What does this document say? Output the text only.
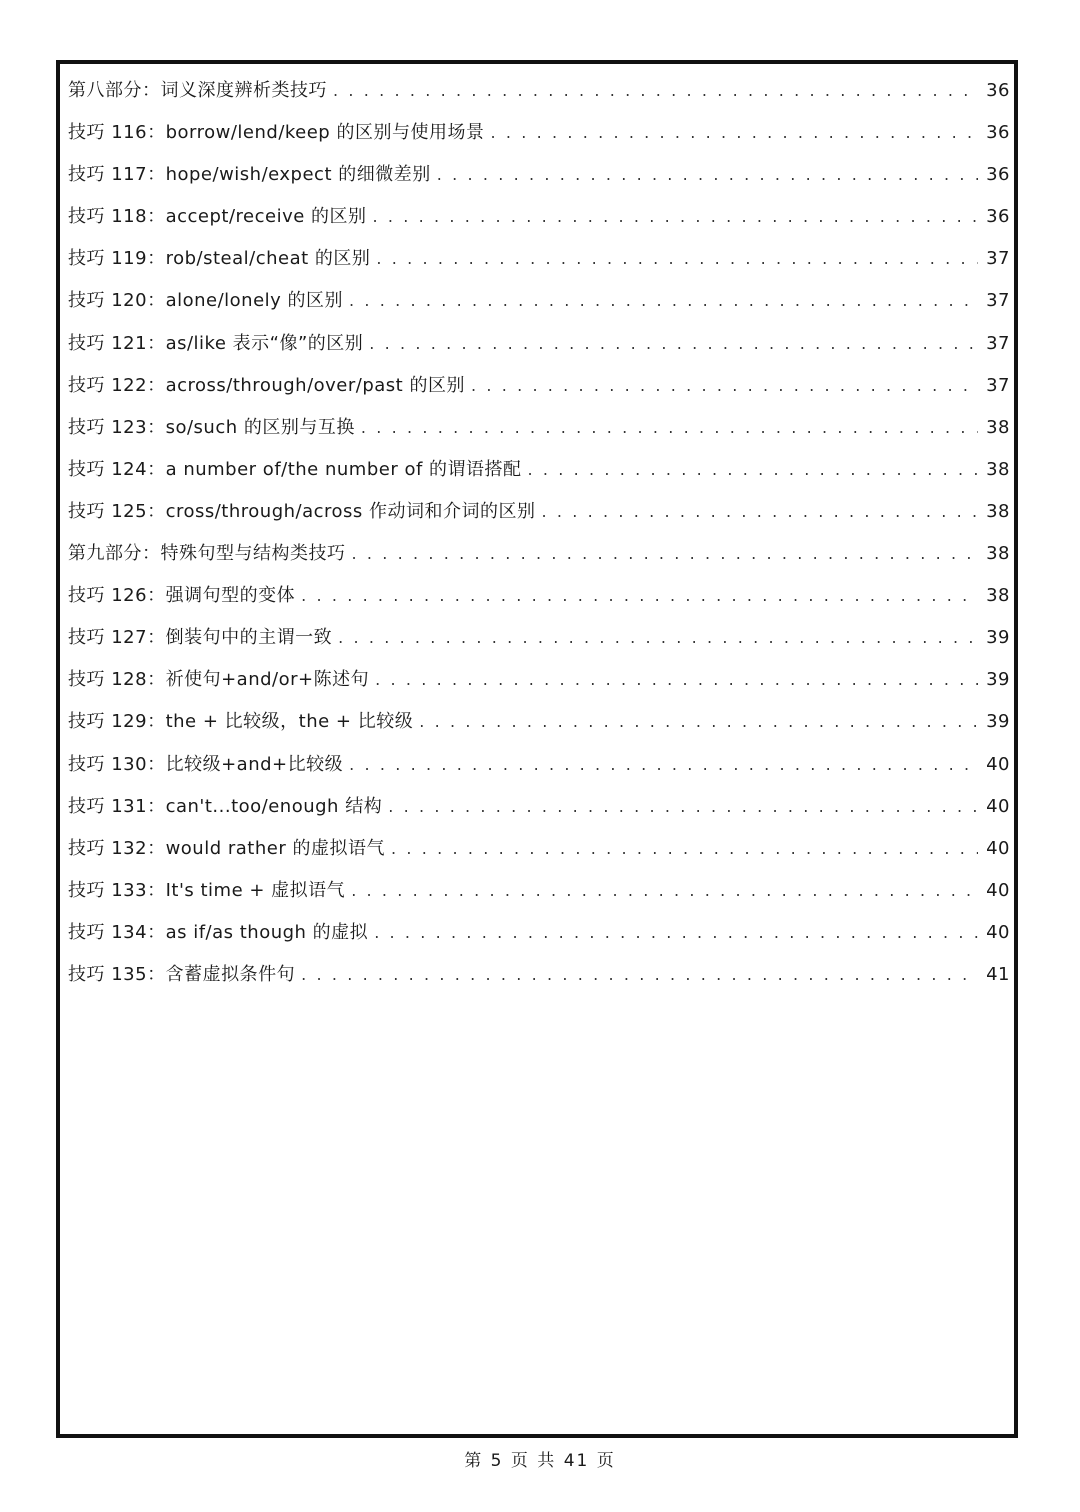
第八部分：词义深度辨析类技巧 . . .	36
技巧 116：borrow/lend/keep 的区别与使用场景 . . .	36
技巧 117：hope/wish/expect 的细微差别 . . .	36
技巧 118：accept/receive 的区别 . . .	36
技巧 119：rob/steal/cheat 的区别 . . .	37
技巧 120：alone/lonely 的区别 . . .	37
技巧 121：as/like 表示“像”的区别 . . .	37
技巧 122：across/through/over/past 的区别 . . .	37
技巧 123：so/such 的区别与互换 . . .	38
技巧 124：a number of/the number of 的谓语搭配 . . .	38
技巧 125：cross/through/across 作动词和介词的区别 . . .	38
第九部分：特殊句型与结构类技巧 . . .	38
技巧 126：强调句型的变体 . . .	38
技巧 127：倒装句中的主谓一致 . . .	39
技巧 128：祈使句+and/or+陈述句 . . .	39
技巧 129：the + 比较级，the + 比较级 . . .	39
技巧 130：比较级+and+比较级 . . .	40
技巧 131：can't...too/enough 结构 . . .	40
技巧 132：would rather 的虚拟语气 . . .	40
技巧 133：It's time + 虚拟语气 . . .	40
技巧 134：as if/as though 的虚拟 . . .	40
技巧 135：含蓄虚拟条件句 . . .	41
第 5 页 共 41 页
